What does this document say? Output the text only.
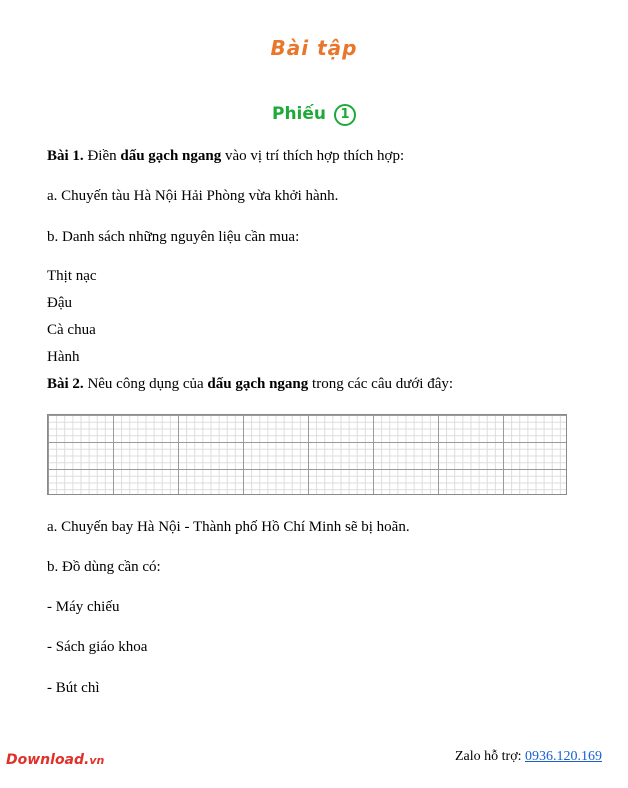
Bài tập
Phiếu 1
Bài 1. Điền dấu gạch ngang vào vị trí thích hợp thích hợp:
a. Chuyến tàu Hà Nội Hải Phòng vừa khởi hành.
b. Danh sách những nguyên liệu cần mua:
Thịt nạc
Đậu
Cà chua
Hành
Bài 2. Nêu công dụng của dấu gạch ngang trong các câu dưới đây:
a. Chuyến bay Hà Nội - Thành phố Hồ Chí Minh sẽ bị hoãn.
b. Đồ dùng cần có:
- Máy chiếu
- Sách giáo khoa
- Bút chì
Download.vn	Zalo hỗ trợ: 0936.120.169
